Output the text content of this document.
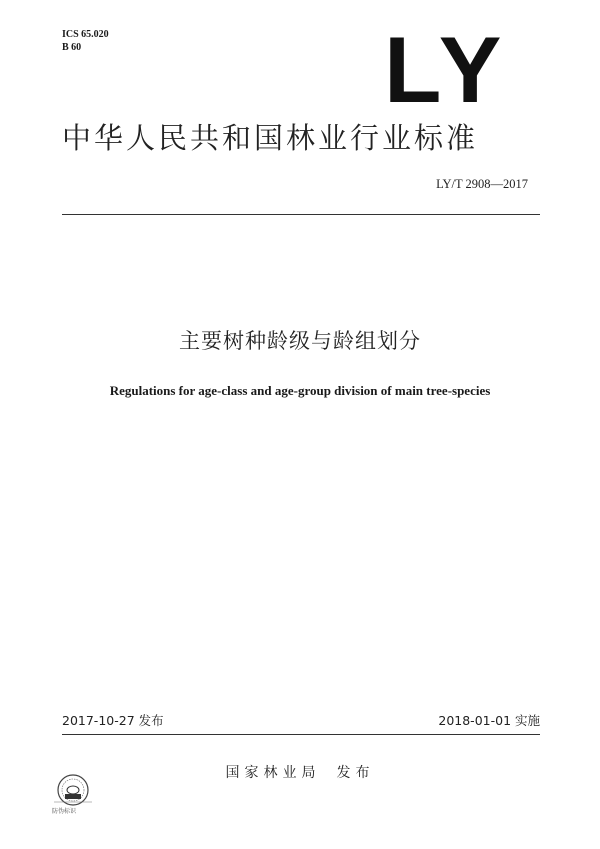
ICS 65.020
B 60	LY
中华人民共和国林业行业标准
LY/T 2908—2017
主要树种龄级与龄组划分
Regulations for age-class and age-group division of main tree-species
2017-10-27 发布	2018-01-01 实施
国家林业局 发布
防伪标识
